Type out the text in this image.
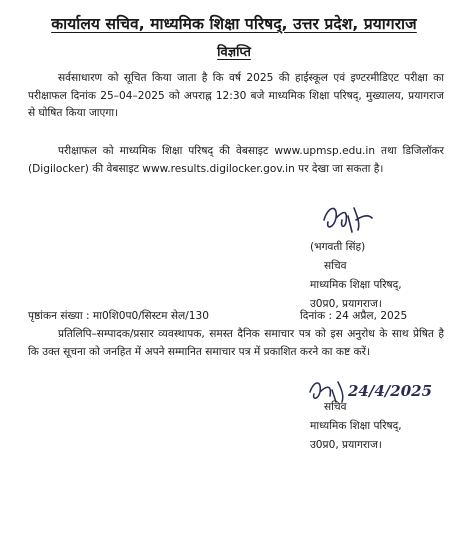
कार्यालय सचिव, माध्यमिक शिक्षा परिषद्, उत्तर प्रदेश, प्रयागराज
विज्ञप्ति
सर्वसाधारण को सूचित किया जाता है कि वर्ष 2025 की हाईस्कूल एवं इण्टरमीडिएट परीक्षा का परीक्षाफल दिनांक 25–04–2025 को अपराह्न 12:30 बजे माध्यमिक शिक्षा परिषद्, मुख्यालय, प्रयागराज से घोषित किया जाएगा।
परीक्षाफल को माध्यमिक शिक्षा परिषद् की वेबसाइट www.upmsp.edu.in तथा डिजिलॉकर (Digilocker) की वेबसाइट www.results.digilocker.gov.in पर देखा जा सकता है।
(भगवती सिंह)
सचिव
माध्यमिक शिक्षा परिषद्,
उ0प्र0, प्रयागराज।
पृष्ठांकन संख्या : मा0शि0प0/सिस्टम सेल/130	दिनांक : 24 अप्रैल, 2025
प्रतिलिपि–सम्पादक/प्रसार व्यवस्थापक, समस्त दैनिक समाचार पत्र को इस अनुरोध के साथ प्रेषित है कि उक्त सूचना को जनहित में अपने सम्मानित समाचार पत्र में प्रकाशित करने का कष्ट करें।
24/4/2025
सचिव
माध्यमिक शिक्षा परिषद्,
उ0प्र0, प्रयागराज।
